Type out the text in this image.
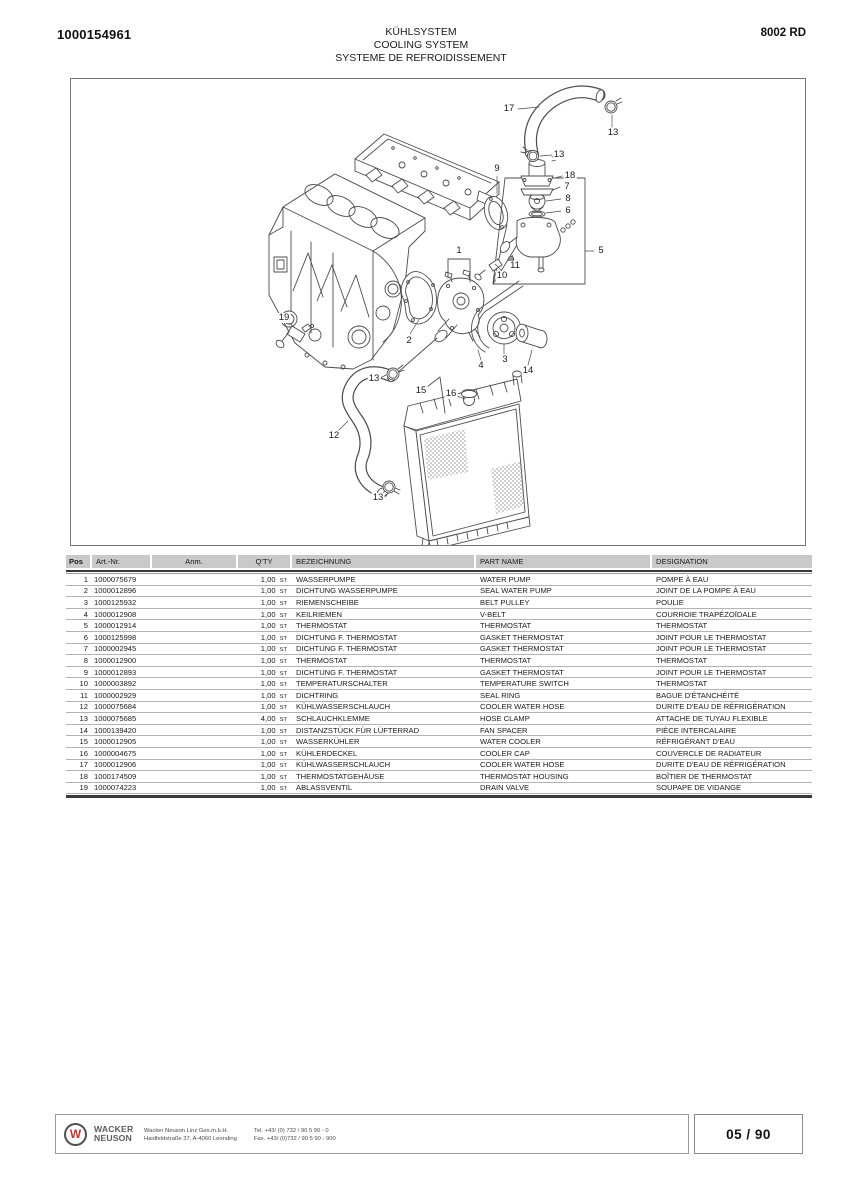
1000154961	KÜHLSYSTEM
COOLING SYSTEM
SYSTEME DE REFROIDISSEMENT
8002 RD
17
13
13
9
18
7
8
6
5
1
11
10
19
2
4
3
14
13
15 16
12
13
Pos	Art.-Nr.	Anm.	Q'TY	BEZEICHNUNG	PART NAME	DESIGNATION
1 1000075679	1,00 ST	WASSERPUMPE	WATER PUMP	POMPE À EAU
2 1000012896	1,00 ST	DICHTUNG WASSERPUMPE	SEAL WATER PUMP	JOINT DE LA POMPE À EAU
3 1000125932	1,00 ST	RIEMENSCHEIBE	BELT PULLEY	POULIE
4 1000012908	1,00 ST	KEILRIEMEN	V-BELT	COURROIE TRAPÉZOÏDALE
5 1000012914	1,00 ST	THERMOSTAT	THERMOSTAT	THERMOSTAT
6 1000125998	1,00 ST	DICHTUNG F. THERMOSTAT	GASKET THERMOSTAT	JOINT POUR LE THERMOSTAT
7 1000002945	1,00 ST	DICHTUNG F. THERMOSTAT	GASKET THERMOSTAT	JOINT POUR LE THERMOSTAT
8 1000012900	1,00 ST	THERMOSTAT	THERMOSTAT	THERMOSTAT
9 1000012893	1,00 ST	DICHTUNG F. THERMOSTAT	GASKET THERMOSTAT	JOINT POUR LE THERMOSTAT
10 1000003892	1,00 ST	TEMPERATURSCHALTER	TEMPERATURE SWITCH	THERMOSTAT
11 1000002929	1,00 ST	DICHTRING	SEAL RING	BAGUE D'ÉTANCHÉITÉ
12 1000075684	1,00 ST	KÜHLWASSERSCHLAUCH	COOLER WATER HOSE	DURITE D'EAU DE RÉFRIGÉRATION
13 1000075685	4,00 ST	SCHLAUCHKLEMME	HOSE CLAMP	ATTACHE DE TUYAU FLEXIBLE
14 1000139420	1,00 ST	DISTANZSTÜCK FÜR LÜFTERRAD	FAN SPACER	PIÈCE INTERCALAIRE
15 1000012905	1,00 ST	WASSERKÜHLER	WATER COOLER	RÉFRIGÉRANT D'EAU
16 1000004675	1,00 ST	KÜHLERDECKEL	COOLER CAP	COUVERCLE DE RADIATEUR
17 1000012906	1,00 ST	KÜHLWASSERSCHLAUCH	COOLER WATER HOSE	DURITE D'EAU DE RÉFRIGÉRATION
18 1000174509	1,00 ST	THERMOSTATGEHÄUSE	THERMOSTAT HOUSING	BOÎTIER DE THERMOSTAT
19 1000074223	1,00 ST	ABLASSVENTIL	DRAIN VALVE	SOUPAPE DE VIDANGE
W	WACKER
NEUSON
Wacker Neuson Linz Ges.m.b.H.
Haidfeldstraße 37, A-4060 Leonding
Tel. +43/ (0) 732 / 90 5 90 - 0
Fax. +43/ (0)732 / 90 5 90 - 900	05 / 90
